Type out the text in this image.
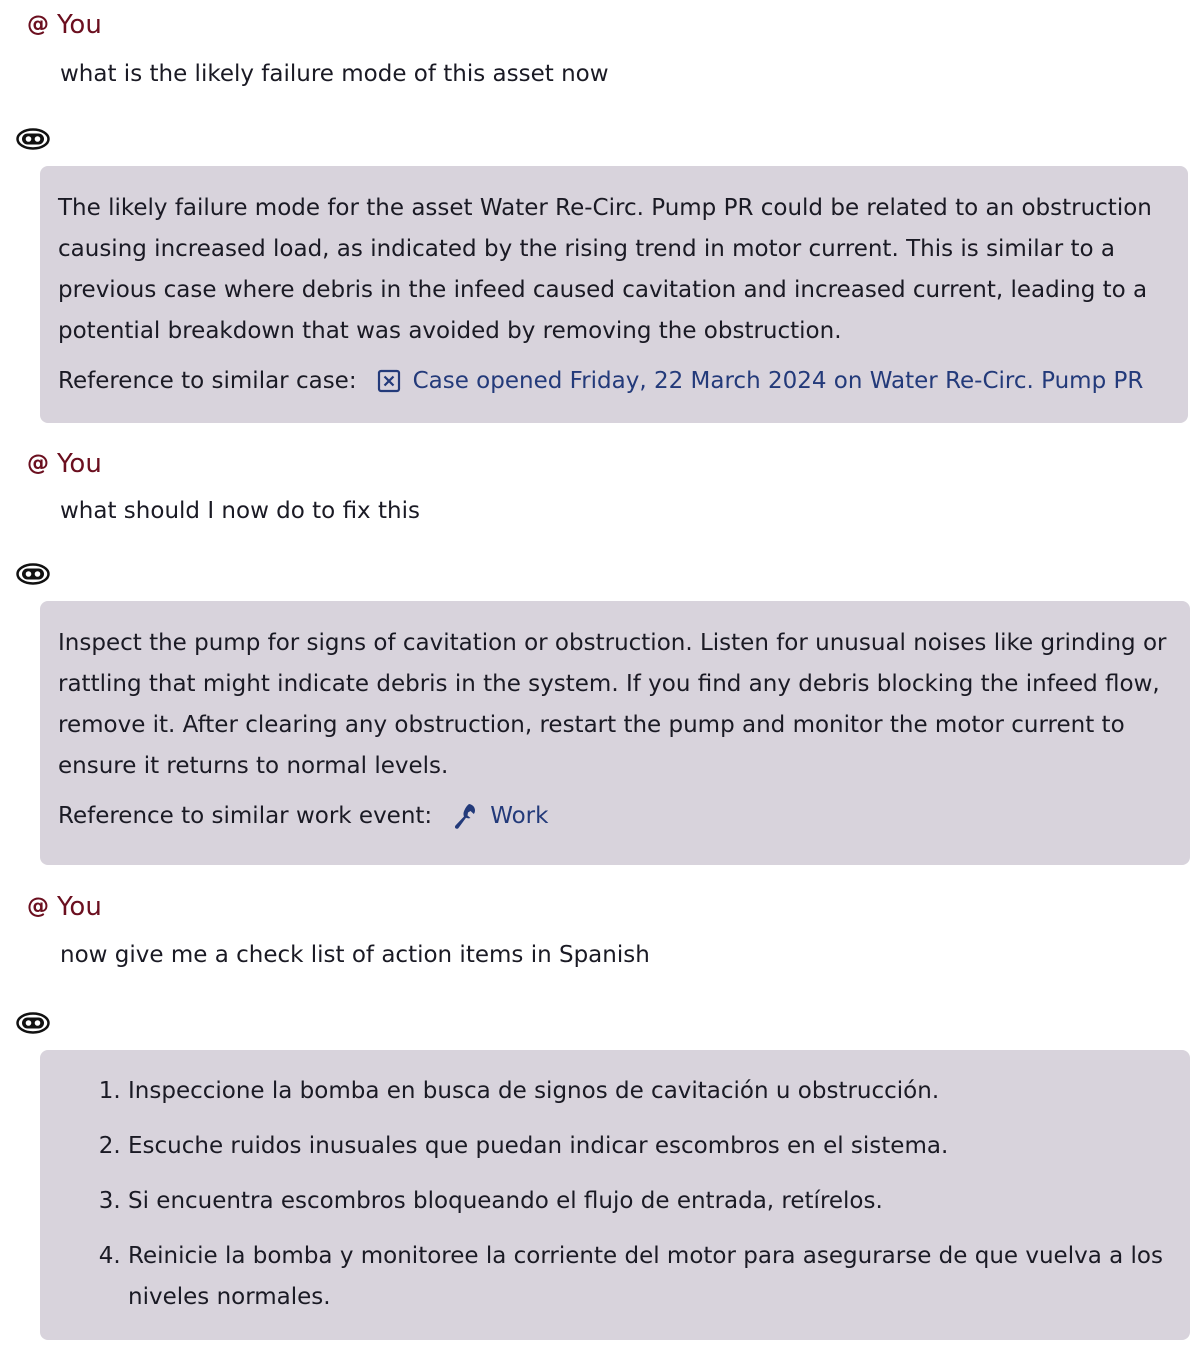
@ You
what is the likely failure mode of this asset now
The likely failure mode for the asset Water Re-Circ. Pump PR could be related to an obstruction causing increased load, as indicated by the rising trend in motor current. This is similar to a previous case where debris in the infeed caused cavitation and increased current, leading to a potential breakdown that was avoided by removing the obstruction.
Reference to similar case: Case opened Friday, 22 March 2024 on Water Re-Circ. Pump PR
@ You
what should I now do to fix this
Inspect the pump for signs of cavitation or obstruction. Listen for unusual noises like grinding or rattling that might indicate debris in the system. If you find any debris blocking the infeed flow, remove it. After clearing any obstruction, restart the pump and monitor the motor current to ensure it returns to normal levels.
Reference to similar work event:	Work
@ You
now give me a check list of action items in Spanish
1. Inspeccione la bomba en busca de signos de cavitación u obstrucción.
2. Escuche ruidos inusuales que puedan indicar escombros en el sistema.
3. Si encuentra escombros bloqueando el flujo de entrada, retírelos.
4. Reinicie la bomba y monitoree la corriente del motor para asegurarse de que vuelva a los niveles normales.
